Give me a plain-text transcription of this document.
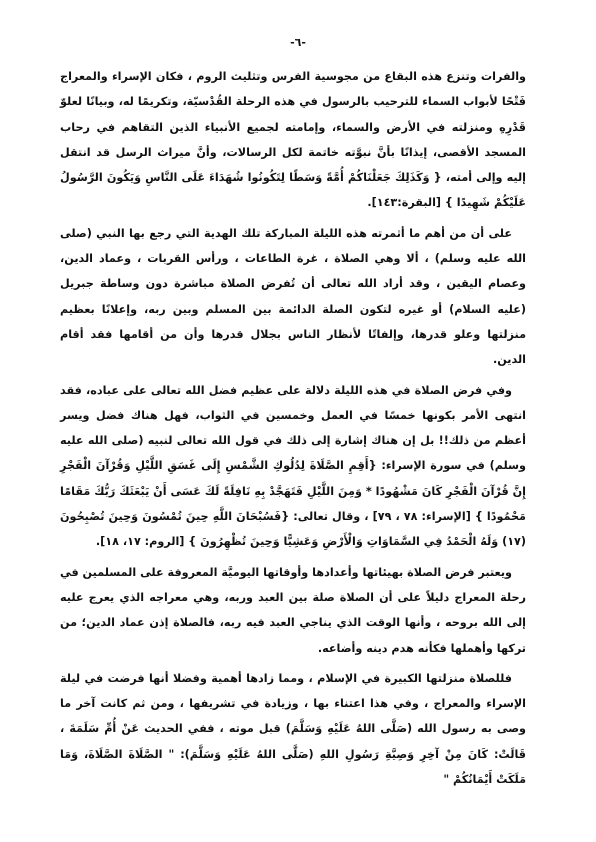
-٦-

والفرات وتنزع هذه البقاع من مجوسية الفرس وتثليث الروم ، فكان الإسراء والمعراج فَتْحًا لأبواب السماء للترحيب بالرسول في هذه الرحلة القُدْسيّة، وتكريمًا له، وبيانًا لعلوّ قَدْرِهِ ومنزلته في الأرض والسماء، وإمامته لجميع الأنبياء الذين التقاهم في رحاب المسجد الأقصى، إيذانًا بأنَّ نبوَّته خاتمة لكل الرسالات، وأنَّ ميراث الرسل قد انتقل إليه وإلى أمته، { وَكَذَلِكَ جَعَلْنَاكُمْ أُمَّةً وَسَطًا لِتَكُونُوا شُهَدَاءَ عَلَى النَّاسِ وَيَكُونَ الرَّسُولُ عَلَيْكُمْ شَهِيدًا } [البقرة:١٤٣].

على أن من أهم ما أثمرته هذه الليلة المباركة تلك الهدية التي رجع بها النبي (صلى الله عليه وسلم) ، ألا وهي الصلاة ، غرة الطاعات ، ورأس القربات ، وعماد الدين، وعصام اليقين ، وقد أراد الله تعالى أن تُفرض الصلاة مباشرة دون وساطة جبريل (عليه السلام) أو غيره لتكون الصلة الدائمة بين المسلم وبين ربه، وإعلانًا بعظيم منزلتها وعلو قدرها، وإلفاتًا لأنظار الناس بجلال قدرها وأن من أقامها فقد أقام الدين.

وفي فرض الصلاة في هذه الليلة دلالة على عظيم فضل الله تعالى على عباده، فقد انتهى الأمر بكونها خمسًا في العمل وخمسين في الثواب، فهل هناك فضل ويسر أعظم من ذلك!! بل إن هناك إشارة إلى ذلك في قول الله تعالى لنبيه (صلى الله عليه وسلم) في سورة الإسراء: {أَقِمِ الصَّلَاةَ لِدُلُوكِ الشَّمْسِ إِلَى غَسَقِ اللَّيْلِ وَقُرْآنَ الْفَجْرِ إِنَّ قُرْآنَ الْفَجْرِ كَانَ مَشْهُودًا * وَمِنَ اللَّيْلِ فَتَهَجَّدْ بِهِ نَافِلَةً لَكَ عَسَى أَنْ يَبْعَثَكَ رَبُّكَ مَقَامًا مَحْمُودًا } [الإسراء: ٧٨ ، ٧٩] ، وقال تعالى: {فَسُبْحَانَ اللَّهِ حِينَ تُمْسُونَ وَحِينَ تُصْبِحُونَ (١٧) وَلَهُ الْحَمْدُ فِي السَّمَاوَاتِ وَالْأَرْضِ وَعَشِيًّا وَحِينَ تُظْهِرُونَ } [الروم: ١٧، ١٨].

ويعتبر فرض الصلاة بهيئاتها وأعدادها وأوقاتها اليوميَّة المعروفة على المسلمين في رحلة المعراج دليلاً على أن الصلاة صلة بين العبد وربه، وهي معراجه الذي يعرج عليه إلى الله بروحه ، وأنها الوقت الذي يناجي العبد فيه ربه، فالصلاة إذن عماد الدين؛ من تركها وأهملها فكأنه هدم دينه وأضاعه.

فللصلاة منزلتها الكبيرة في الإسلام ، ومما زادها أهمية وفضلا أنها فرضت في ليلة الإسراء والمعراج ، وفي هذا اعتناء بها ، وزيادة في تشريفها ، ومن ثم كانت آخر ما وصى به رسول الله (صَلَّى اللهُ عَلَيْهِ وَسَلَّمَ) قبل موته ، ففي الحديث عَنْ أُمِّ سَلَمَةَ ، قَالَتْ: كَانَ مِنْ آخِرِ وَصِيَّةِ رَسُولِ اللهِ (صَلَّى اللهُ عَلَيْهِ وَسَلَّمَ): " الصَّلَاةَ الصَّلَاةَ، وَمَا مَلَكَتْ أَيْمَانُكُمْ "
